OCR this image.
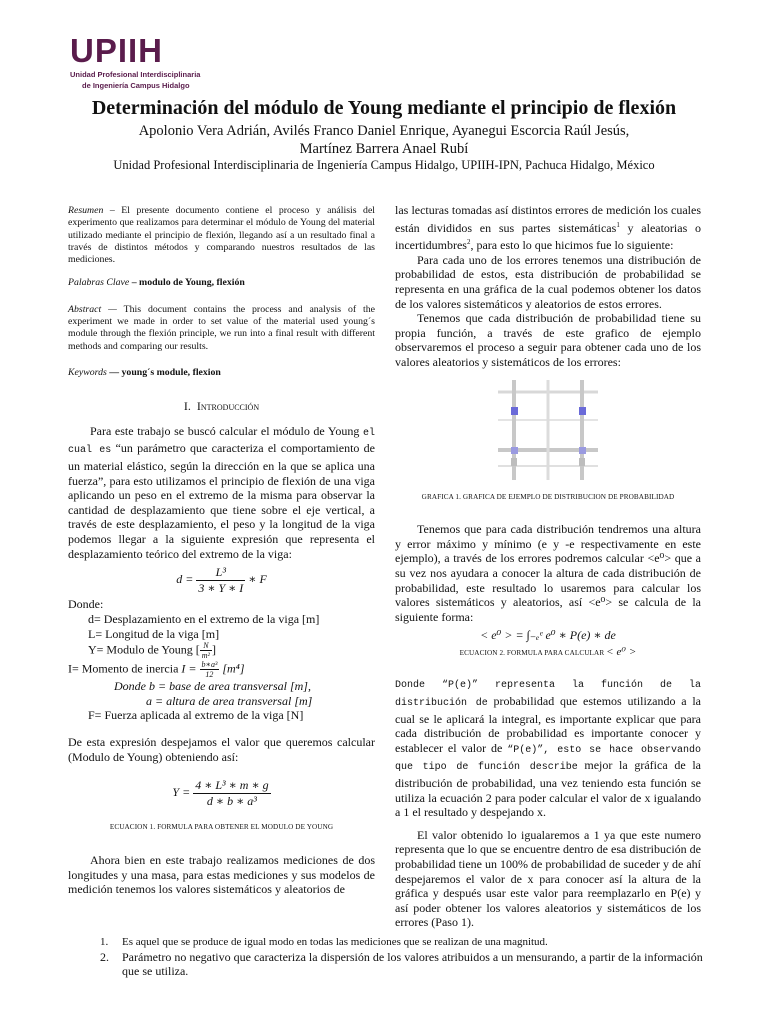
UPIIH
Unidad Profesional Interdisciplinaria
de Ingeniería Campus Hidalgo
Determinación del módulo de Young mediante el principio de flexión
Apolonio Vera Adrián, Avilés Franco Daniel Enrique, Ayanegui Escorcia Raúl Jesús,
Martínez Barrera Anael Rubí
Unidad Profesional Interdisciplinaria de Ingeniería Campus Hidalgo, UPIIH-IPN, Pachuca Hidalgo, México

Resumen – El presente documento contiene el proceso y análisis del experimento que realizamos para determinar el módulo de Young del material utilizado mediante el principio de flexión, llegando así a un resultado final a través de distintos métodos y comparando nuestros resultados de las mediciones.

Palabras Clave – modulo de Young, flexión

Abstract — This document contains the process and analysis of the experiment we made in order to set value of the material used young´s module through the flexión principle, we run into a final result with different methods and comparing our results.

Keywords — young´s module, flexion

I. Introducción

Para este trabajo se buscó calcular el módulo de Young el cual es “un parámetro que caracteriza el comportamiento de un material elástico, según la dirección en la que se aplica una fuerza”, para esto utilizamos el principio de flexión de una viga aplicando un peso en el extremo de la misma para observar la cantidad de desplazamiento que tiene sobre el eje vertical, a través de este desplazamiento, el peso y la longitud de la viga podemos llegar a la siguiente expresión que representa el desplazamiento teórico del extremo de la viga:

$d = \frac{\text{L³}}{3 ∗ Y ∗ I}$ ∗ F
Donde:
d= Desplazamiento en el extremo de la viga [m]
L= Longitud de la viga [m]
Y= Modulo de Young [ $\frac{N}{\text{m²}}$ ]
I= Momento de inercia $I = \frac{\text{b∗a³}}{12} [m^4]$
Donde b = base de area transversal [m],
a = altura de area transversal [m]
F= Fuerza aplicada al extremo de la viga [N]

De esta expresión despejamos el valor que queremos calcular (Modulo de Young) obteniendo así:

$Y = \frac{\text{4 ∗ L³ ∗ m ∗ g}}{\text{d ∗ b ∗ a³}}$
ECUACION 1. FORMULA PARA OBTENER EL MODULO DE YOUNG

Ahora bien en este trabajo realizamos mediciones de dos longitudes y una masa, para estas mediciones y sus modelos de medición tenemos los valores sistemáticos y aleatorios de

las lecturas tomadas así distintos errores de medición los cuales están divididos en sus partes sistemáticas$^1$ y aleatorias o incertidumbres$^2$, para esto lo que hicimos fue lo siguiente:

Para cada uno de los errores tenemos una distribución de probabilidad de estos, esta distribución de probabilidad se representa en una gráfica de la cual podemos obtener los datos de los valores sistemáticos y aleatorios de estos errores.

Tenemos que cada distribución de probabilidad tiene su propia función, a través de este grafico de ejemplo observaremos el proceso a seguir para obtener cada uno de los valores aleatorios y sistemáticos de los errores:

GRAFICA 1. GRAFICA DE EJEMPLO DE DISTRIBUCION DE PROBABILIDAD

Tenemos que para cada distribución tendremos una altura y error máximo y mínimo (e y -e respectivamente en este ejemplo), a través de los errores podremos calcular <e⁰> que a su vez nos ayudara a conocer la altura de cada distribución de probabilidad, este resultado lo usaremos para calcular los valores sistemáticos y aleatorios, así <e⁰> se calcula de la siguiente forma:

< e⁰ > = ∫₋ₑᵉ e⁰ ∗ P(e) ∗ de
ECUACION 2. FORMULA PARA CALCULAR < e⁰ >

Donde “P(e)” representa la función de la distribución de probabilidad que estemos utilizando a la cual se le aplicará la integral, es importante explicar que para cada distribución de probabilidad es importante conocer y establecer el valor de “P(e)”, esto se hace observando que tipo de función describe mejor la gráfica de la distribución de probabilidad, una vez teniendo esta función se utiliza la ecuación 2 para poder calcular el valor de x igualando a 1 el resultado y despejando x.

El valor obtenido lo igualaremos a 1 ya que este numero representa que lo que se encuentre dentro de esa distribución de probabilidad tiene un 100% de probabilidad de suceder y de ahí despejaremos el valor de x para conocer así la altura de la gráfica y después usar este valor para reemplazarlo en P(e) y así poder obtener los valores aleatorios y sistemáticos de los errores (Paso 1).

1.	Es aquel que se produce de igual modo en todas las mediciones que se realizan de una magnitud.
2.	Parámetro no negativo que caracteriza la dispersión de los valores atribuidos a un mensurando, a partir de la información que se utiliza.
